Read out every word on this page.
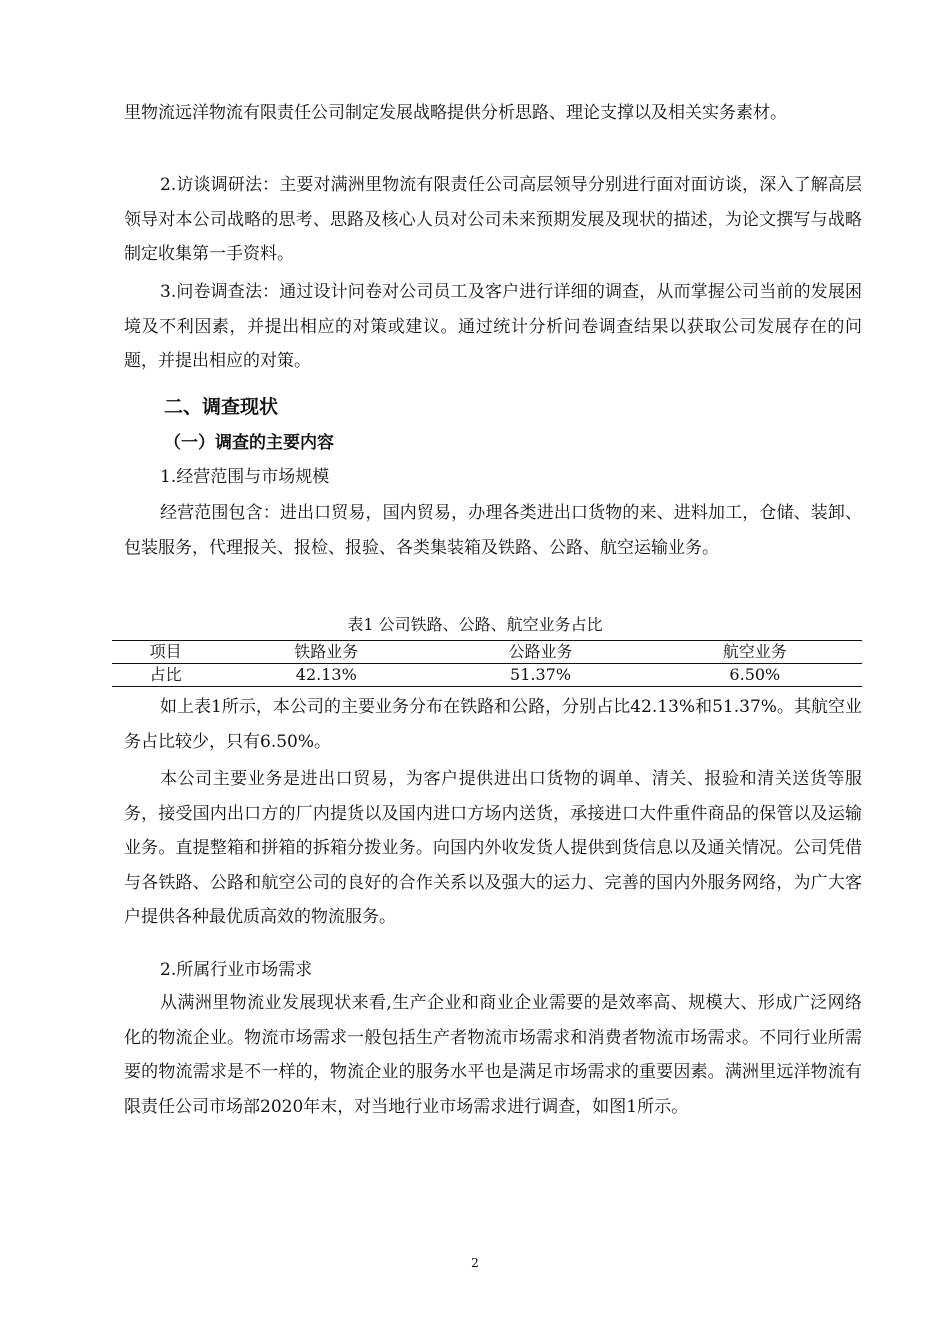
里物流远洋物流有限责任公司制定发展战略提供分析思路、理论支撑以及相关实务素材。

2.访谈调研法：主要对满洲里物流有限责任公司高层领导分别进行面对面访谈，深入了解高层领导对本公司战略的思考、思路及核心人员对公司未来预期发展及现状的描述，为论文撰写与战略制定收集第一手资料。

3.问卷调查法：通过设计问卷对公司员工及客户进行详细的调查，从而掌握公司当前的发展困境及不利因素，并提出相应的对策或建议。通过统计分析问卷调查结果以获取公司发展存在的问题，并提出相应的对策。

二、调查现状

（一）调查的主要内容

1.经营范围与市场规模

经营范围包含：进出口贸易，国内贸易，办理各类进出口货物的来、进料加工，仓储、装卸、包装服务，代理报关、报检、报验、各类集装箱及铁路、公路、航空运输业务。

表1 公司铁路、公路、航空业务占比

项目	铁路业务	公路业务	航空业务
占比	42.13%	51.37%	6.50%

如上表1所示，本公司的主要业务分布在铁路和公路，分别占比42.13%和51.37%。其航空业务占比较少，只有6.50%。

本公司主要业务是进出口贸易，为客户提供进出口货物的调单、清关、报验和清关送货等服务，接受国内出口方的厂内提货以及国内进口方场内送货，承接进口大件重件商品的保管以及运输业务。直提整箱和拼箱的拆箱分拨业务。向国内外收发货人提供到货信息以及通关情况。公司凭借与各铁路、公路和航空公司的良好的合作关系以及强大的运力、完善的国内外服务网络，为广大客户提供各种最优质高效的物流服务。

2.所属行业市场需求

从满洲里物流业发展现状来看,生产企业和商业企业需要的是效率高、规模大、形成广泛网络化的物流企业。物流市场需求一般包括生产者物流市场需求和消费者物流市场需求。不同行业所需要的物流需求是不一样的，物流企业的服务水平也是满足市场需求的重要因素。满洲里远洋物流有限责任公司市场部2020年末，对当地行业市场需求进行调查，如图1所示。

2
